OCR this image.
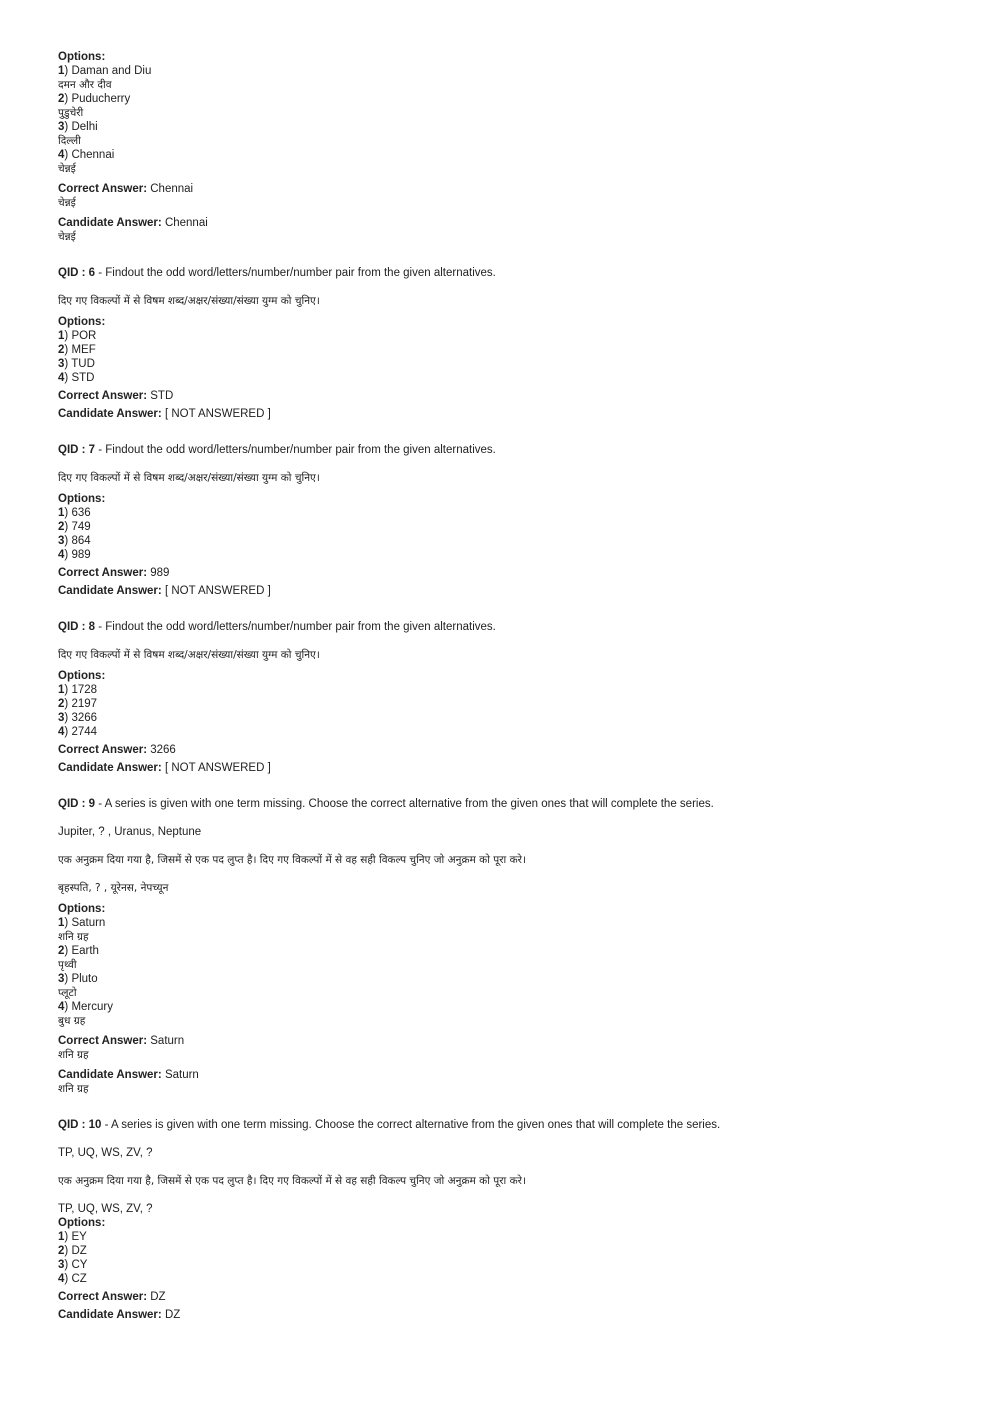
Options:
1) Daman and Diu
दमन और दीव
2) Puducherry
पुडुचेरी
3) Delhi
दिल्ली
4) Chennai
चेन्नई
Correct Answer: Chennai
चेन्नई
Candidate Answer: Chennai
चेन्नई
QID : 6 - Findout the odd word/letters/number/number pair from the given alternatives.
दिए गए विकल्पों में से विषम शब्द/अक्षर/संख्या/संख्या युग्म को चुनिए।
Options:
1) POR
2) MEF
3) TUD
4) STD
Correct Answer: STD
Candidate Answer: [ NOT ANSWERED ]
QID : 7 - Findout the odd word/letters/number/number pair from the given alternatives.
दिए गए विकल्पों में से विषम शब्द/अक्षर/संख्या/संख्या युग्म को चुनिए।
Options:
1) 636
2) 749
3) 864
4) 989
Correct Answer: 989
Candidate Answer: [ NOT ANSWERED ]
QID : 8 - Findout the odd word/letters/number/number pair from the given alternatives.
दिए गए विकल्पों में से विषम शब्द/अक्षर/संख्या/संख्या युग्म को चुनिए।
Options:
1) 1728
2) 2197
3) 3266
4) 2744
Correct Answer: 3266
Candidate Answer: [ NOT ANSWERED ]
QID : 9 - A series is given with one term missing. Choose the correct alternative from the given ones that will complete the series.
Jupiter, ? , Uranus, Neptune
एक अनुक्रम दिया गया है, जिसमें से एक पद लुप्त है। दिए गए विकल्पों में से वह सही विकल्प चुनिए जो अनुक्रम को पूरा करे।
बृहस्पति, ? , यूरेनस, नेपच्यून
Options:
1) Saturn
शनि ग्रह
2) Earth
पृथ्वी
3) Pluto
प्लूटो
4) Mercury
बुध ग्रह
Correct Answer: Saturn
शनि ग्रह
Candidate Answer: Saturn
शनि ग्रह
QID : 10 - A series is given with one term missing. Choose the correct alternative from the given ones that will complete the series.
TP, UQ, WS, ZV, ?
एक अनुक्रम दिया गया है, जिसमें से एक पद लुप्त है। दिए गए विकल्पों में से वह सही विकल्प चुनिए जो अनुक्रम को पूरा करे।
TP, UQ, WS, ZV, ?
Options:
1) EY
2) DZ
3) CY
4) CZ
Correct Answer: DZ
Candidate Answer: DZ
